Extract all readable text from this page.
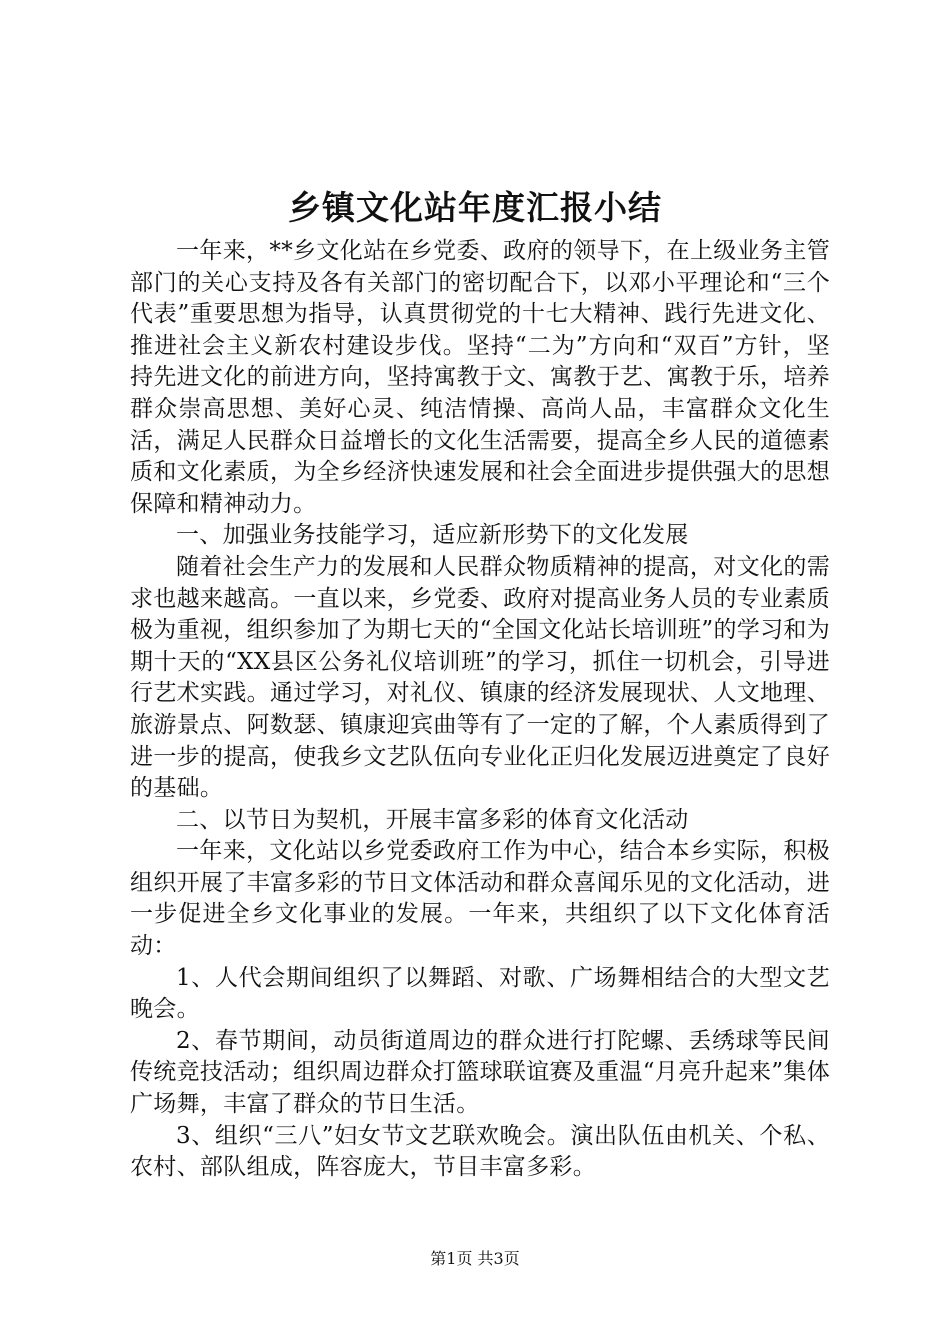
乡镇文化站年度汇报小结

一年来，**乡文化站在乡党委、政府的领导下，在上级业务主管部门的关心支持及各有关部门的密切配合下，以邓小平理论和“三个代表”重要思想为指导，认真贯彻党的十七大精神、践行先进文化、推进社会主义新农村建设步伐。坚持“二为”方向和“双百”方针，坚持先进文化的前进方向，坚持寓教于文、寓教于艺、寓教于乐，培养群众崇高思想、美好心灵、纯洁情操、高尚人品，丰富群众文化生活，满足人民群众日益增长的文化生活需要，提高全乡人民的道德素质和文化素质，为全乡经济快速发展和社会全面进步提供强大的思想保障和精神动力。

一、加强业务技能学习，适应新形势下的文化发展

随着社会生产力的发展和人民群众物质精神的提高，对文化的需求也越来越高。一直以来，乡党委、政府对提高业务人员的专业素质极为重视，组织参加了为期七天的“全国文化站长培训班”的学习和为期十天的“XX县区公务礼仪培训班”的学习，抓住一切机会，引导进行艺术实践。通过学习，对礼仪、镇康的经济发展现状、人文地理、旅游景点、阿数瑟、镇康迎宾曲等有了一定的了解，个人素质得到了进一步的提高，使我乡文艺队伍向专业化正归化发展迈进奠定了良好的基础。

二、以节日为契机，开展丰富多彩的体育文化活动

一年来，文化站以乡党委政府工作为中心，结合本乡实际，积极组织开展了丰富多彩的节日文体活动和群众喜闻乐见的文化活动，进一步促进全乡文化事业的发展。一年来，共组织了以下文化体育活动：

1、人代会期间组织了以舞蹈、对歌、广场舞相结合的大型文艺晚会。

2、春节期间，动员街道周边的群众进行打陀螺、丢绣球等民间传统竞技活动；组织周边群众打篮球联谊赛及重温“月亮升起来”集体广场舞，丰富了群众的节日生活。

3、组织“三八”妇女节文艺联欢晚会。演出队伍由机关、个私、农村、部队组成，阵容庞大，节目丰富多彩。

第1页 共3页
